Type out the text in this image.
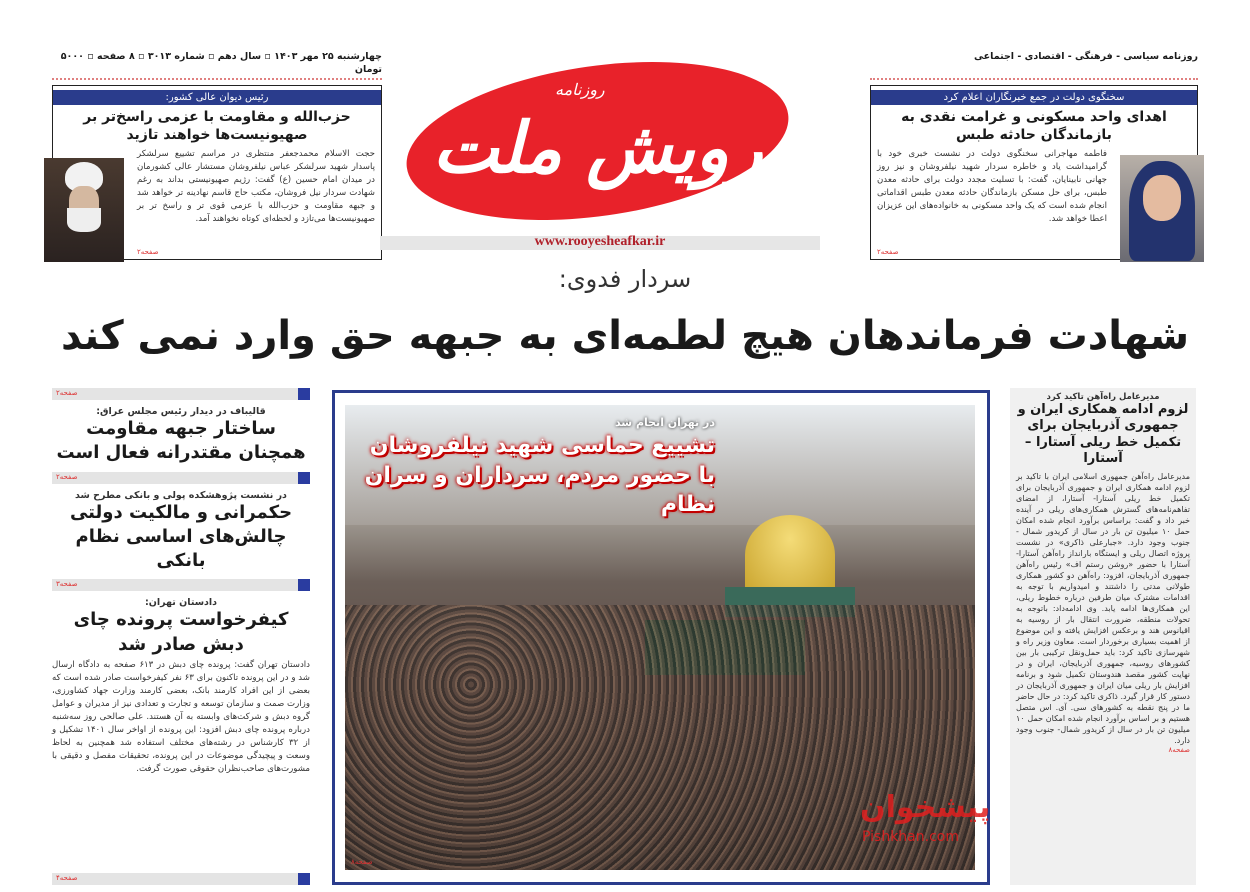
چهارشنبه ۲۵ مهر ۱۴۰۳ ▫ سال دهم ▫ شماره ۳۰۱۳ ▫ ۸ صفحه ▫ ۵۰۰۰ تومان
روزنامه سیاسی - فرهنگی - اقتصادی - اجتماعی
رئیس دیوان عالی کشور:
حزب‌الله و مقاومت با عزمی راسخ‌تر بر صهیونیست‌ها خواهند تازید
حجت الاسلام محمدجعفر منتظری در مراسم تشییع سرلشکر پاسدار شهید سرلشکر عباس نیلفروشان مستشار عالی کشورمان در میدان امام حسین (ع) گفت: رژیم صهیونیستی بداند به رغم شهادت سردار نیل فروشان، مکتب حاج قاسم نهادینه تر خواهد شد و جبهه مقاومت و حزب‌الله با عزمی قوی تر و راسخ تر بر صهیونیست‌ها می‌تازد و لحظه‌ای کوتاه نخواهند آمد.
صفحه۲
سخنگوی دولت در جمع خبرنگاران اعلام کرد
اهدای واحد مسکونی و غرامت نقدی به بازماندگان حادثه طبس
فاطمه مهاجرانی سخنگوی دولت در نشست خبری خود با گرامیداشت یاد و خاطره سردار شهید نیلفروشان و نیز روز جهانی نابینایان، گفت: با تسلیت مجدد دولت برای حادثه معدن طبس، برای حل مسکن بازماندگان حادثه معدن طبس اقداماتی انجام شده است که یک واحد مسکونی به خانواده‌های این عزیزان اعطا خواهد شد.
صفحه۲
رویش ملت
روزنامه
www.rooyesheafkar.ir
سردار فدوی:
شهادت فرماندهان هیچ لطمه‌ای به جبهه حق وارد نمی کند
صفحه۲
قالیباف در دیدار رئیس مجلس عراق:
ساختار جبهه مقاومت همچنان مقتدرانه فعال است
صفحه۲
در نشست پژوهشکده پولی و بانکی مطرح شد
حکمرانی و مالکیت دولتی چالش‌های اساسی نظام بانکی
صفحه۳
دادستان تهران:
کیفرخواست پرونده چای دبش صادر شد
دادستان تهران گفت: پرونده چای دبش در ۶۱۳ صفحه به دادگاه ارسال شد و در این پرونده تاکنون برای ۶۳ نفر کیفرخواست صادر شده است که بعضی از این افراد کارمند بانک، بعضی کارمند وزارت جهاد کشاورزی، وزارت صمت و سازمان توسعه و تجارت و تعدادی نیز از مدیران و عوامل گروه دبش و شرکت‌های وابسته به آن هستند. علی صالحی روز سه‌شنبه درباره پرونده چای دبش افزود: این پرونده از اواخر سال ۱۴۰۱ تشکیل و از ۳۲ کارشناس در رشته‌های مختلف استفاده شد همچنین به لحاظ وسعت و پیچیدگی موضوعات در این پرونده، تحقیقات مفصل و دقیقی با مشورت‌های صاحب‌نظران حقوقی صورت گرفت.
صفحه۴
در تهران انجام شد
تشییع حماسی شهید نیلفروشان
با حضور مردم، سرداران و سران نظام
صفحه۸
مدیرعامل راه‌آهن تاکید کرد
لزوم ادامه همکاری ایران و جمهوری آذربایجان برای تکمیل خط ریلی آستارا – آستارا
مدیرعامل راه‌آهن جمهوری اسلامی ایران با تاکید بر لزوم ادامه همکاری ایران و جمهوری آذربایجان برای تکمیل خط ریلی آستارا- آستارا، از امضای تفاهم‌نامه‌های گسترش همکاری‌های ریلی در آینده خبر داد و گفت: براساس برآورد انجام شده امکان حمل ۱۰ میلیون تن بار در سال از کریدور شمال - جنوب وجود دارد. «جبارعلی ذاکری» در نشست پروژه اتصال ریلی و ایستگاه بارانداز راه‌آهن آستارا- آستارا با حضور «روشن رستم اف» رئیس راه‌آهن جمهوری آذربایجان، افزود: راه‌آهن دو کشور همکاری طولانی مدتی را داشتند و امیدواریم با توجه به اقدامات مشترک میان طرفین درباره خطوط ریلی، این همکاری‌ها ادامه یابد. وی ادامه‌داد: باتوجه به تحولات منطقه، ضرورت انتقال بار از روسیه به اقیانوس هند و برعکس افزایش یافته و این موضوع از اهمیت بسیاری برخوردار است. معاون وزیر راه و شهرسازی تاکید کرد: باید حمل‌ونقل ترکیبی بار بین کشورهای روسیه، جمهوری آذربایجان، ایران و در نهایت کشور مقصد هندوستان تکمیل شود و برنامه افزایش بار ریلی میان ایران و جمهوری آذربایجان در دستور کار قرار گیرد. ذاکری تاکید کرد: در حال حاضر ما در پنج نقطه به کشورهای سی. آی. اس متصل هستیم و بر اساس برآورد انجام شده امکان حمل ۱۰ میلیون تن بار در سال از کریدور شمال- جنوب وجود دارد.
صفحه۸
پیشخوان
Pishkhan.com
